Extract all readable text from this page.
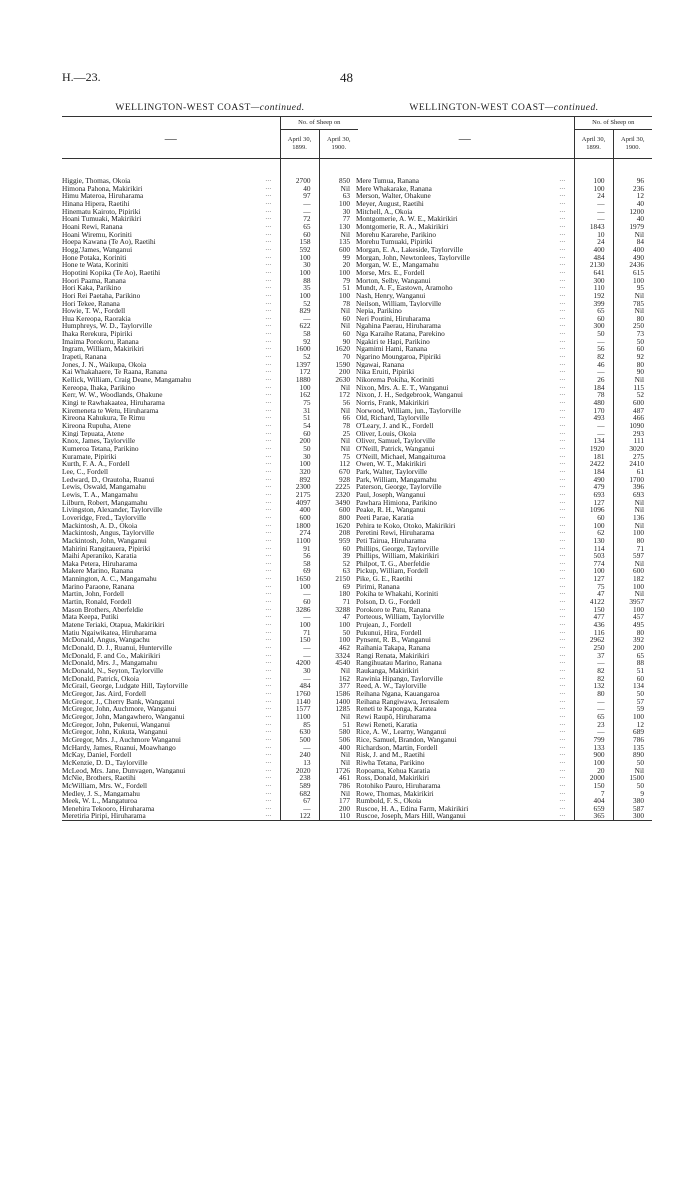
H.—23.	48
WELLINGTON-WEST COAST—continued.
—	No. of Sheep on	
	April 30, 1899.	April 30, 1900.

Higgie, Thomas, Okoia ...	2700	850

Himona Pahona, Makirikiri ...	40	Nil

Himu Materoa, Hiruharama ...	97	63

Hinana Hipera, Raetihi ...	—	100

Hinematu Kairoto, Pipiriki ...	—	30

Hoani Tumuaki, Makirikiri ...	72	77

Hoani Rewi, Ranana ...	65	130

Hoani Wiremu, Koriniti ...	60	Nil

Hoepa Kawana (Te Ao), Raetihi ...	158	135

Hogg,'James, Wanganui ...	592	600

Hone Potaka, Koriniti ...	100	99

Hone te Wata, Koriniti ...	30	20

Hopotini Kopika (Te Ao), Raetihi ...	100	100

Hoori Paama, Ranana ...	88	79

Hori Kaka, Parikino ...	35	51

Hori Rei Paetaha, Parikino ...	100	100

Hori Tekee, Ranana ...	52	78

Howie, T. W., Fordell ...	829	Nil

Hua Kereopa, Raorakia ...	—	60

Humphreys, W. D., Taylorville ...	622	Nil

Ihaka Rerekura, Pipiriki ...	58	60

Imaima Porokoru, Ranana ...	92	90

Ingram, William, Makirikiri ...	1600	1620

Irapeti, Ranana ...	52	70

Jones, J. N., Waikupa, Okoia ...	1397	1590

Kai Whakahaere, Te Raana, Ranana ...	172	200

Kellick, William, Craig Deane, Mangamahu ...	1880	2630

Kereopa, Ihaka, Parikino ...	100	Nil

Kerr, W. W., Woodlands, Ohakune ...	162	172

Kingi te Rawhakaatea, Hiruharama ...	75	56

Kiremeneta te Wetu, Hiruharama ...	31	Nil

Kireona Kahukura, Te Rimu ...	51	66

Kireona Rupuha, Atene ...	54	78

Kingi Tepuata, Atene ...	60	25

Knox, James, Taylorville ...	200	Nil

Kumeroa Tetana, Parikino ...	50	Nil

Kuramate, Pipiriki ...	30	75

Kurth, F. A. A., Fordell ...	100	112

Lee, C., Fordell ...	320	670

Ledward, D., Orautoha, Ruanui ...	892	928

Lewis, Oswald, Mangamahu ...	2300	2225

Lewis, T. A., Mangamahu ...	2175	2320

Lilburn, Robert, Mangamahu ...	4097	3490

Livingston, Alexander, Taylorville ...	400	600

Loveridge, Fred., Taylorville ...	600	800

Mackintosh, A. D., Okoia ...	1800	1620

Mackintosh, Angus, Taylorville ...	274	208

Mackintosh, John, Wanganui ...	1100	959

Mahirini Rangitauera, Pipiriki ...	91	60

Maihi Aperaniko, Karatia ...	56	39

Maka Petera, Hiruharama ...	58	52

Makere Marino, Ranana ...	69	63

Mannington, A. C., Mangamahu ...	1650	2150

Marino Paraone, Ranana ...	100	69

Martin, John, Fordell ...	—	180

Martin, Ronald, Fordell ...	60	71

Mason Brothers, Aberfeldie ...	3286	3288

Mata Keepa, Putiki ...	—	47

Matene Teriaki, Otapua, Makirikiri ...	100	100

Matiu Ngaiwikatea, Hiruharama ...	71	50

McDonald, Angus, Wangachu ...	150	100

McDonald, D. J., Ruanui, Hunterville ...	—	462

McDonald, F. and Co., Makirikiri ...	—	3324

McDonald, Mrs. J., Mangamahu ...	4200	4540

McDonald, N., Seyton, Taylorville ...	30	Nil

McDonald, Patrick, Okoia ...	—	162

McGrail, George, Ludgate Hill, Taylorville ...	484	377

McGregor, Jas. Aird, Fordell ...	1760	1586

McGregor, J., Cherry Bank, Wanganui ...	1140	1400

McGregor, John, Auchmore, Wanganui ...	1577	1285

McGregor, John, Mangawhero, Wanganui ...	1100	Nil

McGregor, John, Pukenui, Wanganui ...	85	51

McGregor, John, Kukuta, Wanganui ...	630	580

McGregor, Mrs. J., Auchmore Wanganui ...	500	506

McHardy, James, Ruanui, Moawhango ...	—	400

McKay, Daniel, Fordell ...	240	Nil

McKenzie, D. D., Taylorville ...	13	Nil

McLeod, Mrs. Jane, Dunvagen, Wanganui ...	2020	1726

McNie, Brothers, Raetihi ...	238	461

McWilliam, Mrs. W., Fordell ...	589	786

Medley, J. S., Mangamahu ...	682	Nil

Meek, W. L., Mangaturoa ...	67	177

Menehira Tekooro, Hiruharama ...	—	200

Meretiria Piripi, Hiruharama ...	122	110
WELLINGTON-WEST COAST—continued.
—	No. of Sheep on	
	April 30, 1899.	April 30, 1900.

Mere Tumua, Ranana ...	100	96

Mere Whakarake, Ranana ...	100	236

Merson, Walter, Ohakune ...	24	12

Meyer, August, Raetihi ...	—	40

Mitchell, A., Okoia ...	—	1200

Montgomerie, A. W. E., Makirikiri ...	—	40

Montgomerie, R. A., Makirikiri ...	1843	1979

Morehu Kararehe, Parikino ...	10	Nil

Morehu Tumuaki, Pipiriki ...	24	84

Morgan, E. A., Lakeside, Taylorville ...	400	400

Morgan, John, Newtonlees, Taylorville ...	484	490

Morgan, W. E., Mangamahu ...	2130	2436

Morse, Mrs. E., Fordell ...	641	615

Morton, Selby, Wanganui ...	300	100

Mundt, A. F., Eastown, Aramoho ...	110	95

Nash, Henry, Wanganui ...	192	Nil

Neilson, William, Taylorville ...	399	785

Nepia, Parikino ...	65	Nil

Neri Poutini, Hiruharama ...	60	80

Ngahina Paerau, Hiruharama ...	300	250

Nga Karaihe Ratana, Parekino ...	50	73

Ngakiri te Hapi, Parikino ...	—	50

Ngamimi Hami, Ranana ...	56	60

Ngarino Moungaroa, Pipiriki ...	82	92

Ngawai, Ranana ...	46	80

Nika Eruiti, Pipiriki ...	—	90

Nikorema Pokiha, Koriniti ...	26	Nil

Nixon, Mrs. A. E. T., Wanganui ...	184	115

Nixon, J. H., Sedgebrook, Wanganui ...	78	52

Norris, Frank, Makirikiri ...	480	600

Norwood, William, jun., Taylorville ...	170	487

Old, Richard, Taylorville ...	493	466

O'Leary, J. and K., Fordell ...	—	1090

Oliver, Louis, Okoia ...	—	293

Oliver, Samuel, Taylorville ...	134	111

O'Neill, Patrick, Wanganui ...	1920	3020

O'Neill, Michael, Mangaituroa ...	181	275

Owen, W. T., Makirikiri ...	2422	2410

Park, Walter, Taylorville ...	184	61

Park, William, Mangamahu ...	490	1700

Paterson, George, Taylorville ...	479	396

Paul, Joseph, Wanganui ...	693	693

Pawhara Himiona, Parikino ...	127	Nil

Peake, R. H., Wanganui ...	1096	Nil

Peeti Parae, Karatia ...	60	136

Pehira te Koko, Otoko, Makirikiri ...	100	Nil

Peretini Rewi, Hiruharama ...	62	100

Peti Tairua, Hiruharama ...	130	80

Phillips, George, Taylorville ...	114	71

Phillips, William, Makirikiri ...	503	597

Philpot, T. G., Aberfeldie ...	774	Nil

Pickup, William, Fordell ...	100	600

Pike, G. E., Raetihi ...	127	182

Pirimi, Ranana ...	75	100

Pokiha te Whakahi, Koriniti ...	47	Nil

Polson, D. G., Fordell ...	4122	3957

Porokoro te Patu, Ranana ...	150	100

Porteous, William, Taylorville ...	477	457

Prujean, J., Fordell ...	436	495

Pukunui, Hira, Fordell ...	116	80

Pynsent, R. B., Wanganui ...	2962	392

Raihania Takapa, Ranana ...	250	200

Rangi Renata, Makirikiri ...	37	65

Rangihuatau Marino, Ranana ...	—	88

Raukanga, Makirikiri ...	82	51

Rawinia Hipango, Taylorville ...	82	60

Reed, A. W., Taylorville ...	132	134

Reihana Ngana, Kauangaroa ...	80	50

Reihana Rangiwawa, Jerusalem ...	—	57

Reneti te Kaponga, Karatea ...	—	59

Rewi Raupō, Hiruharama ...	65	100

Rewi Reneti, Karatia ...	23	12

Rice, A. W., Learny, Wanganui ...	—	689

Rice, Samuel, Brandon, Wanganui ...	799	786

Richardson, Martin, Fordell ...	133	135

Risk, J. and M., Raetihi ...	900	890

Riwha Tetana, Parikino ...	100	50

Ropoama, Kehua Karatia ...	20	Nil

Ross, Donald, Makirikiri ...	2000	1500

Rotohiko Pauro, Hiruharama ...	150	50

Rowe, Thomas, Makirikiri ...	7	9

Rumbold, F. S., Okoia ...	404	380

Ruscoe, H. A., Edina Farm, Makirikiri ...	659	587

Ruscoe, Joseph, Mars Hill, Wanganui ...	365	300
